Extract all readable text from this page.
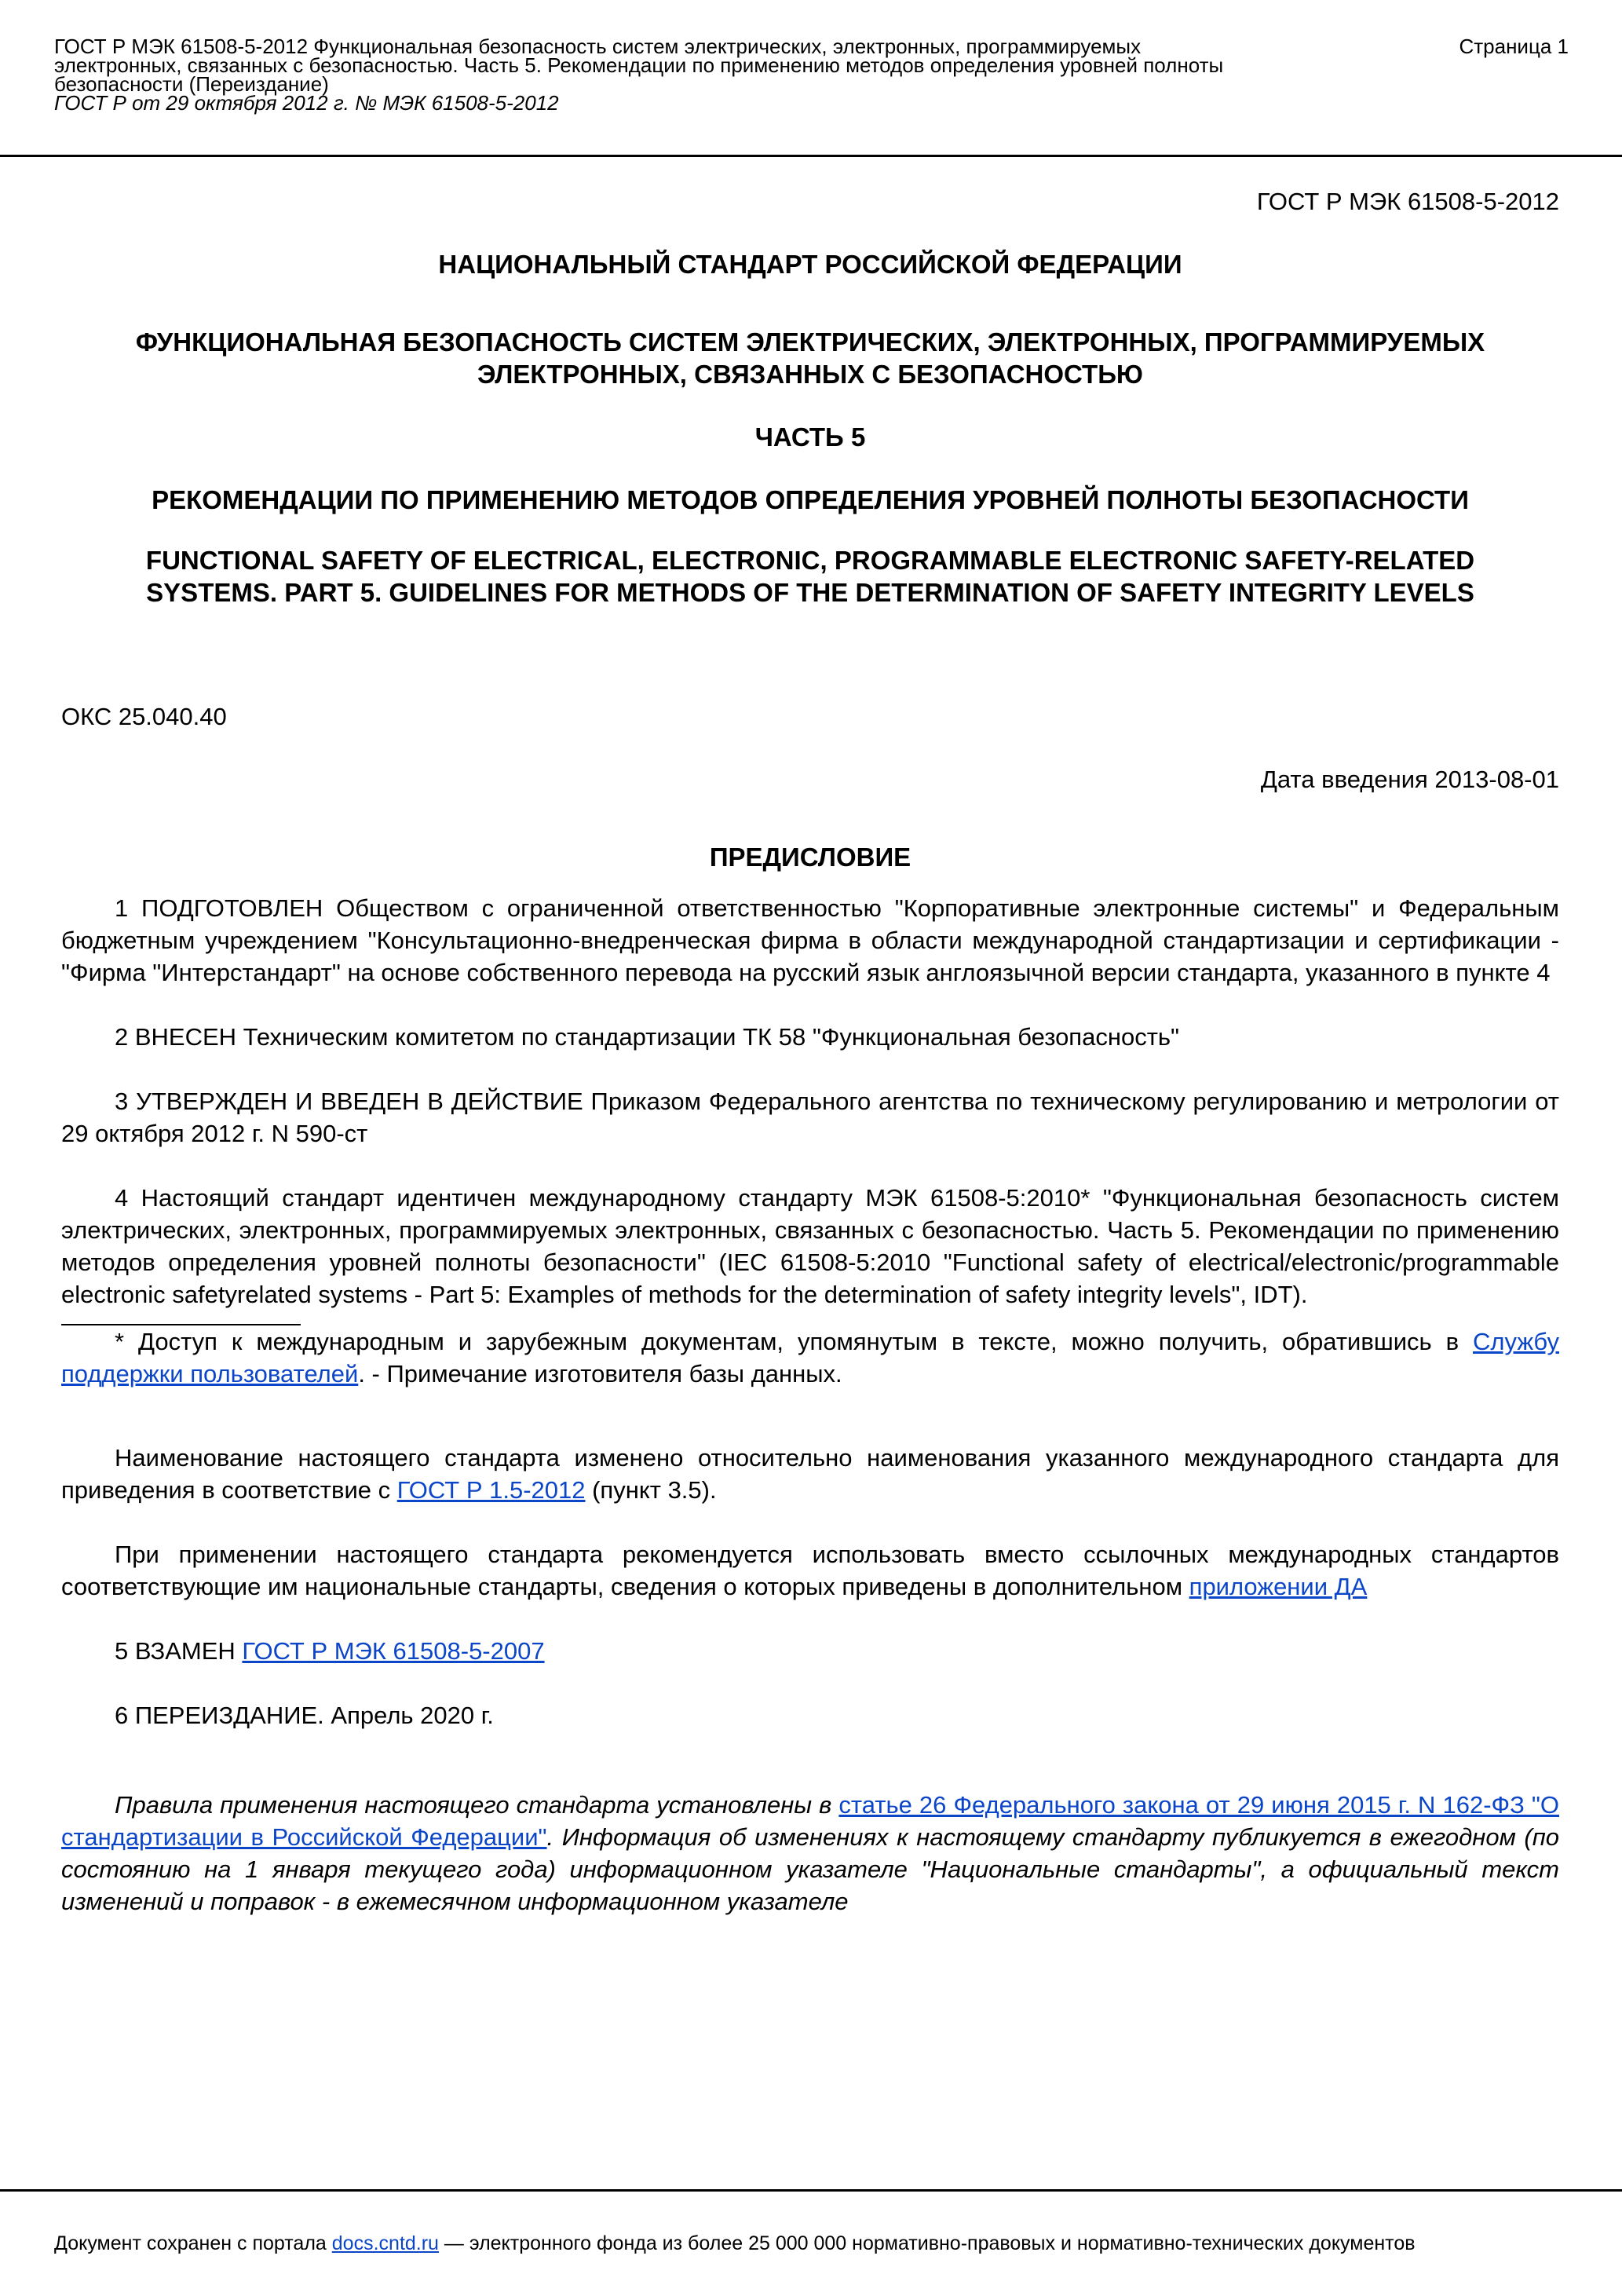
ГОСТ Р МЭК 61508-5-2012 Функциональная безопасность систем электрических, электронных, программируемых
электронных, связанных с безопасностью. Часть 5. Рекомендации по применению методов определения уровней полноты
безопасности (Переиздание)
ГОСТ Р от 29 октября 2012 г. № МЭК 61508-5-2012
Страница 1

ГОСТ Р МЭК 61508-5-2012

НАЦИОНАЛЬНЫЙ СТАНДАРТ РОССИЙСКОЙ ФЕДЕРАЦИИ

ФУНКЦИОНАЛЬНАЯ БЕЗОПАСНОСТЬ СИСТЕМ ЭЛЕКТРИЧЕСКИХ, ЭЛЕКТРОННЫХ, ПРОГРАММИРУЕМЫХ
ЭЛЕКТРОННЫХ, СВЯЗАННЫХ С БЕЗОПАСНОСТЬЮ

ЧАСТЬ 5

РЕКОМЕНДАЦИИ ПО ПРИМЕНЕНИЮ МЕТОДОВ ОПРЕДЕЛЕНИЯ УРОВНЕЙ ПОЛНОТЫ БЕЗОПАСНОСТИ

FUNCTIONAL SAFETY OF ELECTRICAL, ELECTRONIC, PROGRAMMABLE ELECTRONIC SAFETY-RELATED
SYSTEMS. PART 5. GUIDELINES FOR METHODS OF THE DETERMINATION OF SAFETY INTEGRITY LEVELS

ОКС 25.040.40

Дата введения 2013-08-01

ПРЕДИСЛОВИЕ

1 ПОДГОТОВЛЕН Обществом с ограниченной ответственностью "Корпоративные электронные системы" и Федеральным бюджетным учреждением "Консультационно-внедренческая фирма в области международной стандартизации и сертификации - "Фирма "Интерстандарт" на основе собственного перевода на русский язык англоязычной версии стандарта, указанного в пункте 4

2 ВНЕСЕН Техническим комитетом по стандартизации ТК 58 "Функциональная безопасность"

3 УТВЕРЖДЕН И ВВЕДЕН В ДЕЙСТВИЕ Приказом Федерального агентства по техническому регулированию и метрологии от 29 октября 2012 г. N 590-ст

4 Настоящий стандарт идентичен международному стандарту МЭК 61508-5:2010* "Функциональная безопасность систем электрических, электронных, программируемых электронных, связанных с безопасностью. Часть 5. Рекомендации по применению методов определения уровней полноты безопасности" (IEC 61508-5:2010 "Functional safety of electrical/electronic/programmable electronic safetyrelated systems - Part 5: Examples of methods for the determination of safety integrity levels", IDT).

* Доступ к международным и зарубежным документам, упомянутым в тексте, можно получить, обратившись в Службу поддержки пользователей. - Примечание изготовителя базы данных.

Наименование настоящего стандарта изменено относительно наименования указанного международного стандарта для приведения в соответствие с ГОСТ Р 1.5-2012 (пункт 3.5).

При применении настоящего стандарта рекомендуется использовать вместо ссылочных международных стандартов соответствующие им национальные стандарты, сведения о которых приведены в дополнительном приложении ДА

5 ВЗАМЕН ГОСТ Р МЭК 61508-5-2007

6 ПЕРЕИЗДАНИЕ. Апрель 2020 г.

Правила применения настоящего стандарта установлены в статье 26 Федерального закона от 29 июня 2015 г. N 162-ФЗ "О стандартизации в Российской Федерации". Информация об изменениях к настоящему стандарту публикуется в ежегодном (по состоянию на 1 января текущего года) информационном указателе "Национальные стандарты", а официальный текст изменений и поправок - в ежемесячном информационном указателе

Документ сохранен с портала docs.cntd.ru — электронного фонда из более 25 000 000 нормативно-правовых и нормативно-технических документов
